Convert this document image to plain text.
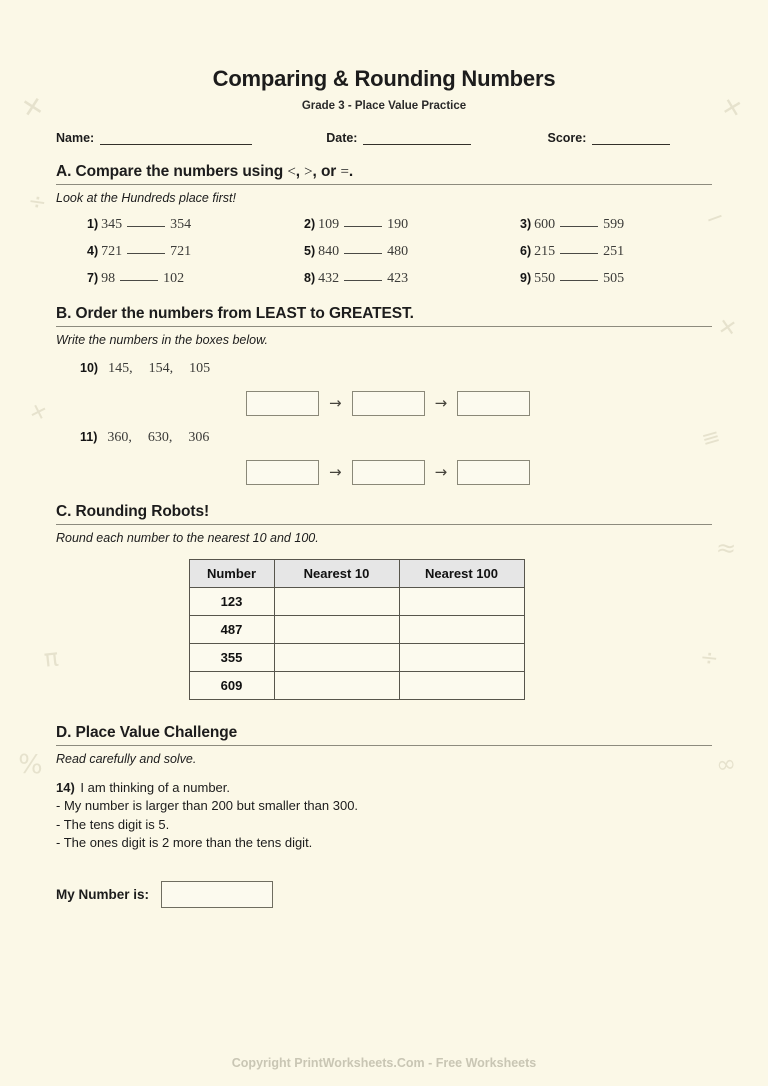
✕
÷
✕
−
✕
≡
≈
÷
π
%	∞
✕
Comparing & Rounding Numbers

Grade 3 - Place Value Practice

Name:	Date:	Score:
A. Compare the numbers using <, >, or =.
Look at the Hundreds place first!
1) 345	354	2) 109	190	3) 600	599
4) 721	721	5) 840	480	6) 215	251
7) 98	102	8) 432	423	9) 550	505
B. Order the numbers from LEAST to GREATEST.
Write the numbers in the boxes below.
10) 145, 154, 105
→	→
11) 360, 630, 306
→	→
C. Rounding Robots!
Round each number to the nearest 10 and 100.
Number	Nearest 10	Nearest 100
123		
487		
355		
609		
D. Place Value Challenge
Read carefully and solve.
14) I am thinking of a number.
- My number is larger than 200 but smaller than 300.
- The tens digit is 5.
- The ones digit is 2 more than the tens digit.
My Number is:
Copyright PrintWorksheets.Com - Free Worksheets
